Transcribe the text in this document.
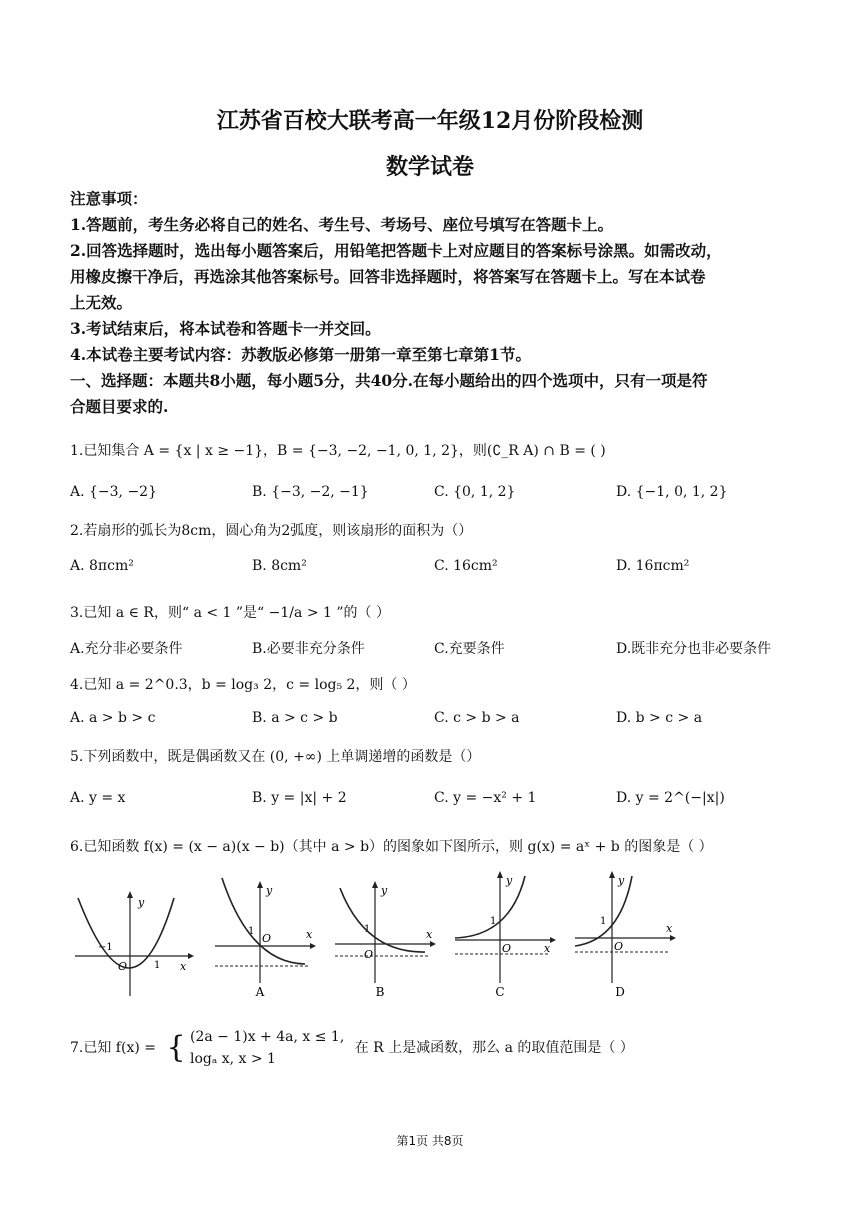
江苏省百校大联考高一年级12月份阶段检测
数学试卷
注意事项：
1.答题前，考生务必将自己的姓名、考生号、考场号、座位号填写在答题卡上。
2.回答选择题时，选出每小题答案后，用铅笔把答题卡上对应题目的答案标号涂黑。如需改动，
用橡皮擦干净后，再选涂其他答案标号。回答非选择题时，将答案写在答题卡上。写在本试卷
上无效。
3.考试结束后，将本试卷和答题卡一并交回。
4.本试卷主要考试内容：苏教版必修第一册第一章至第七章第1节。
一、选择题：本题共8小题，每小题5分，共40分.在每小题给出的四个选项中，只有一项是符
合题目要求的.
1.已知集合 A = {x | x ≥ −1}，B = {−3, −2, −1, 0, 1, 2}，则(∁_R A) ∩ B = ( )
A. {−3, −2}	B. {−3, −2, −1}	C. {0, 1, 2}	D. {−1, 0, 1, 2}
2.若扇形的弧长为8cm，圆心角为2弧度，则该扇形的面积为（）
A. 8πcm²	B. 8cm²	C. 16cm²	D. 16πcm²
3.已知 a ∈ R，则“ a < 1 ”是“ −1/a > 1 ”的（ ）
A.充分非必要条件	B.必要非充分条件	C.充要条件	D.既非充分也非必要条件
4.已知 a = 2^0.3，b = log₃ 2，c = log₅ 2，则（ ）
A. a > b > c	B. a > c > b	C. c > b > a	D. b > c > a
5.下列函数中，既是偶函数又在 (0, +∞) 上单调递增的函数是（）
A. y = x	B. y = |x| + 2	C. y = −x² + 1	D. y = 2^(−|x|)
6.已知函数 f(x) = (x − a)(x − b)（其中 a > b）的图象如下图所示，则 g(x) = aˣ + b 的图象是（ ）
y
x
O
−1
1
y
x
O
1
A
y
x
O
1
B
y
x
O
1
C
y
x
O
1
D
7.已知 f(x) = { (2a − 1)x + 4a, x ≤ 1,
logₐ x, x > 1
在 R 上是减函数，那么 a 的取值范围是（ ）
第1页 共8页
